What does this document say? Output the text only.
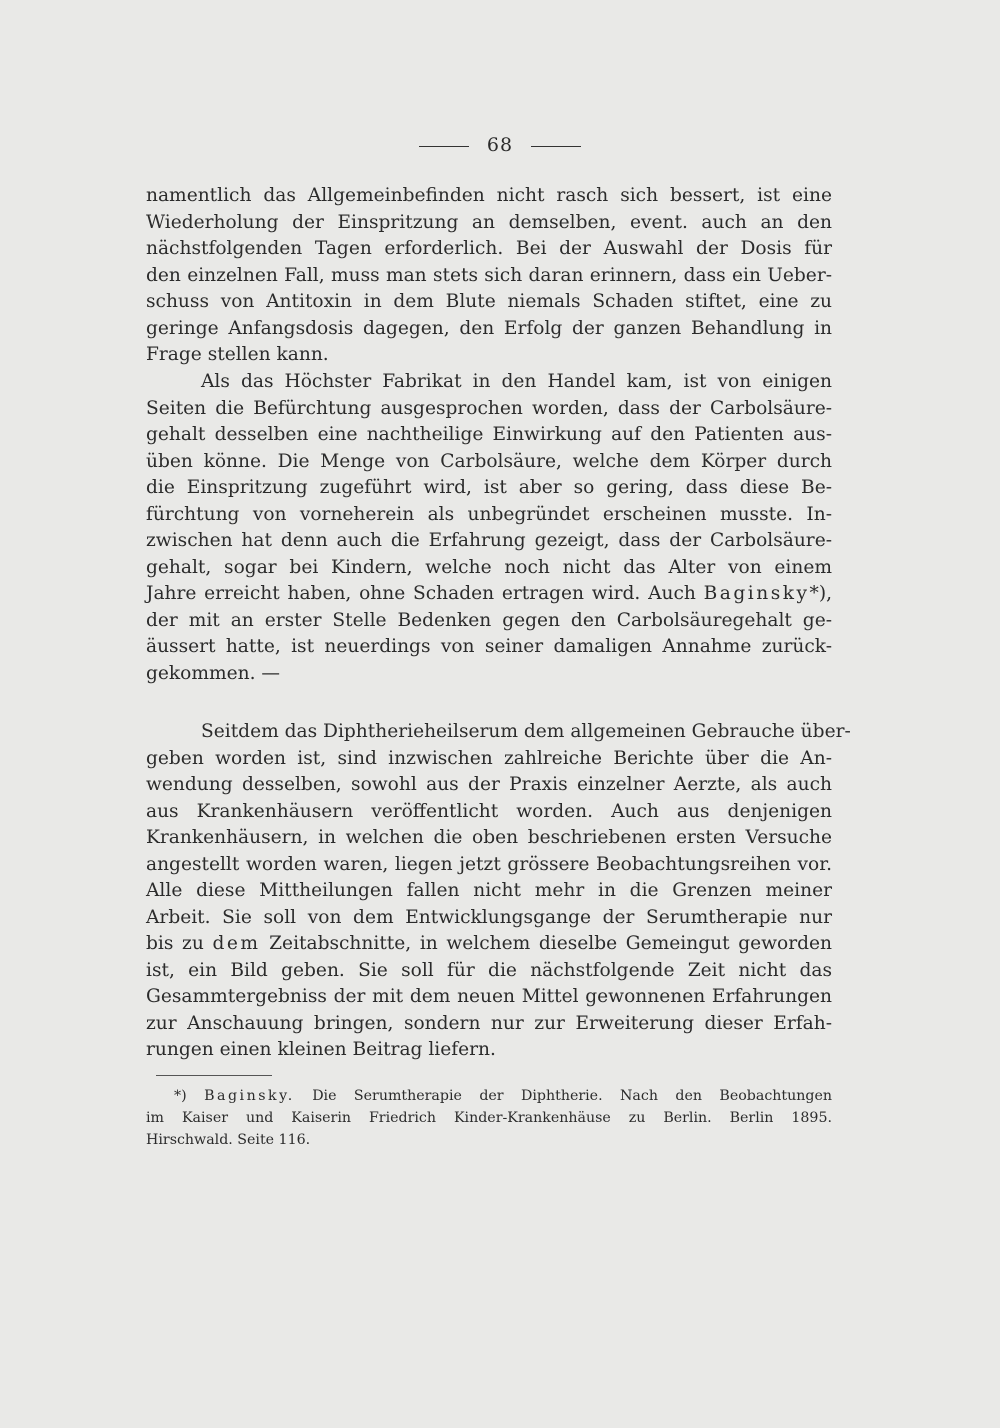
68
namentlich das Allgemeinbefinden nicht rasch sich bessert, ist eine
Wiederholung der Einspritzung an demselben, event. auch an den
nächstfolgenden Tagen erforderlich. Bei der Auswahl der Dosis für
den einzelnen Fall, muss man stets sich daran erinnern, dass ein Ueber-
schuss von Antitoxin in dem Blute niemals Schaden stiftet, eine zu
geringe Anfangsdosis dagegen, den Erfolg der ganzen Behandlung in
Frage stellen kann.
Als das Höchster Fabrikat in den Handel kam, ist von einigen
Seiten die Befürchtung ausgesprochen worden, dass der Carbolsäure-
gehalt desselben eine nachtheilige Einwirkung auf den Patienten aus-
üben könne. Die Menge von Carbolsäure, welche dem Körper durch
die Einspritzung zugeführt wird, ist aber so gering, dass diese Be-
fürchtung von vorneherein als unbegründet erscheinen musste. In-
zwischen hat denn auch die Erfahrung gezeigt, dass der Carbolsäure-
gehalt, sogar bei Kindern, welche noch nicht das Alter von einem
Jahre erreicht haben, ohne Schaden ertragen wird. Auch Baginsky*),
der mit an erster Stelle Bedenken gegen den Carbolsäuregehalt ge-
äussert hatte, ist neuerdings von seiner damaligen Annahme zurück-
gekommen. —
Seitdem das Diphtherieheilserum dem allgemeinen Gebrauche über-
geben worden ist, sind inzwischen zahlreiche Berichte über die An-
wendung desselben, sowohl aus der Praxis einzelner Aerzte, als auch
aus Krankenhäusern veröffentlicht worden. Auch aus denjenigen
Krankenhäusern, in welchen die oben beschriebenen ersten Versuche
angestellt worden waren, liegen jetzt grössere Beobachtungsreihen vor.
Alle diese Mittheilungen fallen nicht mehr in die Grenzen meiner
Arbeit. Sie soll von dem Entwicklungsgange der Serumtherapie nur
bis zu dem Zeitabschnitte, in welchem dieselbe Gemeingut geworden
ist, ein Bild geben. Sie soll für die nächstfolgende Zeit nicht das
Gesammtergebniss der mit dem neuen Mittel gewonnenen Erfahrungen
zur Anschauung bringen, sondern nur zur Erweiterung dieser Erfah-
rungen einen kleinen Beitrag liefern.
*) Baginsky. Die Serumtherapie der Diphtherie. Nach den Beobachtungen
im Kaiser und Kaiserin Friedrich Kinder-Krankenhäuse zu Berlin. Berlin 1895.
Hirschwald. Seite 116.
